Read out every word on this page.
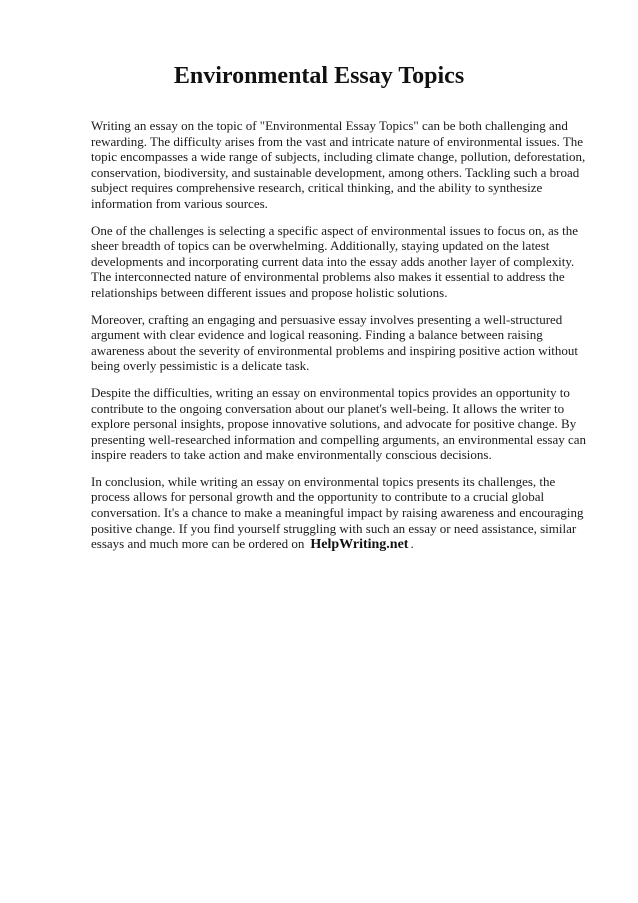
Environmental Essay Topics

Writing an essay on the topic of "Environmental Essay Topics" can be both challenging and rewarding. The difficulty arises from the vast and intricate nature of environmental issues. The topic encompasses a wide range of subjects, including climate change, pollution, deforestation, conservation, biodiversity, and sustainable development, among others. Tackling such a broad subject requires comprehensive research, critical thinking, and the ability to synthesize information from various sources.

One of the challenges is selecting a specific aspect of environmental issues to focus on, as the sheer breadth of topics can be overwhelming. Additionally, staying updated on the latest developments and incorporating current data into the essay adds another layer of complexity. The interconnected nature of environmental problems also makes it essential to address the relationships between different issues and propose holistic solutions.

Moreover, crafting an engaging and persuasive essay involves presenting a well-structured argument with clear evidence and logical reasoning. Finding a balance between raising awareness about the severity of environmental problems and inspiring positive action without being overly pessimistic is a delicate task.

Despite the difficulties, writing an essay on environmental topics provides an opportunity to contribute to the ongoing conversation about our planet's well-being. It allows the writer to explore personal insights, propose innovative solutions, and advocate for positive change. By presenting well-researched information and compelling arguments, an environmental essay can inspire readers to take action and make environmentally conscious decisions.

In conclusion, while writing an essay on environmental topics presents its challenges, the process allows for personal growth and the opportunity to contribute to a crucial global conversation. It's a chance to make a meaningful impact by raising awareness and encouraging positive change. If you find yourself struggling with such an essay or need assistance, similar essays and much more can be ordered on HelpWriting.net .
